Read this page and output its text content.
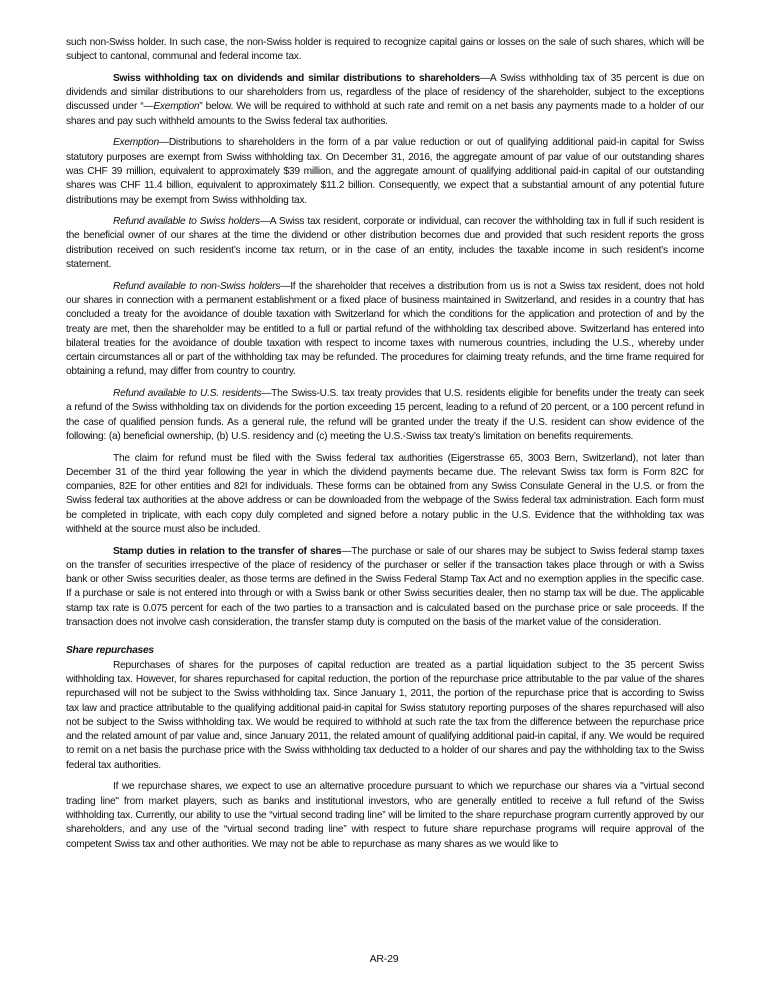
such non-Swiss holder. In such case, the non-Swiss holder is required to recognize capital gains or losses on the sale of such shares, which will be subject to cantonal, communal and federal income tax.

Swiss withholding tax on dividends and similar distributions to shareholders—A Swiss withholding tax of 35 percent is due on dividends and similar distributions to our shareholders from us, regardless of the place of residency of the shareholder, subject to the exceptions discussed under “—Exemption” below. We will be required to withhold at such rate and remit on a net basis any payments made to a holder of our shares and pay such withheld amounts to the Swiss federal tax authorities.

Exemption—Distributions to shareholders in the form of a par value reduction or out of qualifying additional paid-in capital for Swiss statutory purposes are exempt from Swiss withholding tax. On December 31, 2016, the aggregate amount of par value of our outstanding shares was CHF 39 million, equivalent to approximately $39 million, and the aggregate amount of qualifying additional paid-in capital of our outstanding shares was CHF 11.4 billion, equivalent to approximately $11.2 billion. Consequently, we expect that a substantial amount of any potential future distributions may be exempt from Swiss withholding tax.

Refund available to Swiss holders—A Swiss tax resident, corporate or individual, can recover the withholding tax in full if such resident is the beneficial owner of our shares at the time the dividend or other distribution becomes due and provided that such resident reports the gross distribution received on such resident’s income tax return, or in the case of an entity, includes the taxable income in such resident’s income statement.

Refund available to non-Swiss holders—If the shareholder that receives a distribution from us is not a Swiss tax resident, does not hold our shares in connection with a permanent establishment or a fixed place of business maintained in Switzerland, and resides in a country that has concluded a treaty for the avoidance of double taxation with Switzerland for which the conditions for the application and protection of and by the treaty are met, then the shareholder may be entitled to a full or partial refund of the withholding tax described above. Switzerland has entered into bilateral treaties for the avoidance of double taxation with respect to income taxes with numerous countries, including the U.S., whereby under certain circumstances all or part of the withholding tax may be refunded. The procedures for claiming treaty refunds, and the time frame required for obtaining a refund, may differ from country to country.

Refund available to U.S. residents—The Swiss-U.S. tax treaty provides that U.S. residents eligible for benefits under the treaty can seek a refund of the Swiss withholding tax on dividends for the portion exceeding 15 percent, leading to a refund of 20 percent, or a 100 percent refund in the case of qualified pension funds. As a general rule, the refund will be granted under the treaty if the U.S. resident can show evidence of the following: (a) beneficial ownership, (b) U.S. residency and (c) meeting the U.S.-Swiss tax treaty’s limitation on benefits requirements.

The claim for refund must be filed with the Swiss federal tax authorities (Eigerstrasse 65, 3003 Bern, Switzerland), not later than December 31 of the third year following the year in which the dividend payments became due. The relevant Swiss tax form is Form 82C for companies, 82E for other entities and 82I for individuals. These forms can be obtained from any Swiss Consulate General in the U.S. or from the Swiss federal tax authorities at the above address or can be downloaded from the webpage of the Swiss federal tax administration. Each form must be completed in triplicate, with each copy duly completed and signed before a notary public in the U.S. Evidence that the withholding tax was withheld at the source must also be included.

Stamp duties in relation to the transfer of shares—The purchase or sale of our shares may be subject to Swiss federal stamp taxes on the transfer of securities irrespective of the place of residency of the purchaser or seller if the transaction takes place through or with a Swiss bank or other Swiss securities dealer, as those terms are defined in the Swiss Federal Stamp Tax Act and no exemption applies in the specific case. If a purchase or sale is not entered into through or with a Swiss bank or other Swiss securities dealer, then no stamp tax will be due. The applicable stamp tax rate is 0.075 percent for each of the two parties to a transaction and is calculated based on the purchase price or sale proceeds. If the transaction does not involve cash consideration, the transfer stamp duty is computed on the basis of the market value of the consideration.

Share repurchases

Repurchases of shares for the purposes of capital reduction are treated as a partial liquidation subject to the 35 percent Swiss withholding tax. However, for shares repurchased for capital reduction, the portion of the repurchase price attributable to the par value of the shares repurchased will not be subject to the Swiss withholding tax. Since January 1, 2011, the portion of the repurchase price that is according to Swiss tax law and practice attributable to the qualifying additional paid-in capital for Swiss statutory reporting purposes of the shares repurchased will also not be subject to the Swiss withholding tax. We would be required to withhold at such rate the tax from the difference between the repurchase price and the related amount of par value and, since January 2011, the related amount of qualifying additional paid-in capital, if any. We would be required to remit on a net basis the purchase price with the Swiss withholding tax deducted to a holder of our shares and pay the withholding tax to the Swiss federal tax authorities.

If we repurchase shares, we expect to use an alternative procedure pursuant to which we repurchase our shares via a "virtual second trading line" from market players, such as banks and institutional investors, who are generally entitled to receive a full refund of the Swiss withholding tax. Currently, our ability to use the “virtual second trading line” will be limited to the share repurchase program currently approved by our shareholders, and any use of the “virtual second trading line” with respect to future share repurchase programs will require approval of the competent Swiss tax and other authorities. We may not be able to repurchase as many shares as we would like to

AR-29
